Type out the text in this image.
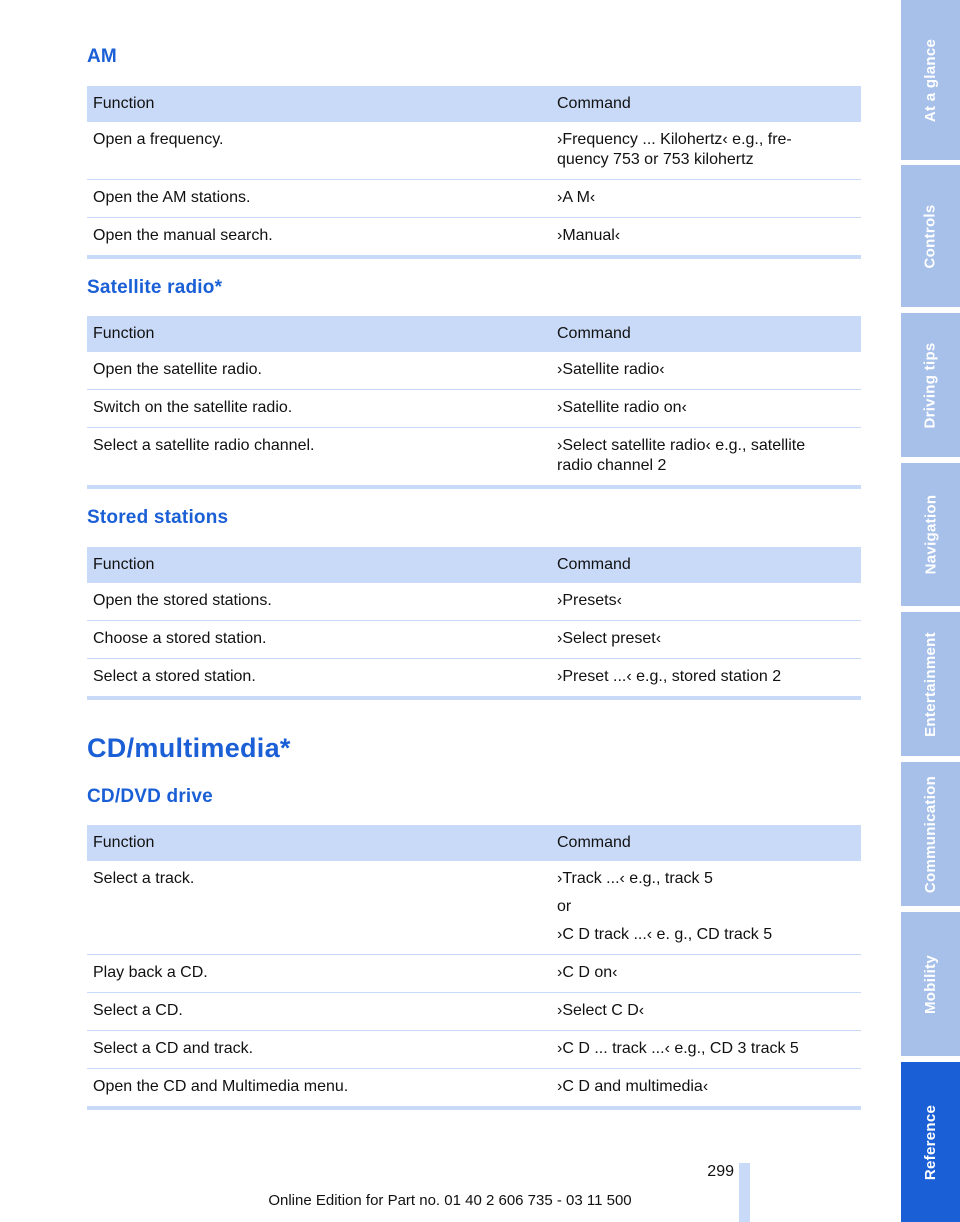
AM
Function	Command
Open a frequency.	›Frequency ... Kilohertz‹ e.g., fre-
quency 753 or 753 kilohertz

Open the AM stations.	›A M‹

Open the manual search.	›Manual‹
Satellite radio*
Function	Command
Open the satellite radio.	›Satellite radio‹

Switch on the satellite radio.	›Satellite radio on‹

Select a satellite radio channel.	›Select satellite radio‹ e.g., satellite
radio channel 2
Stored stations
Function	Command
Open the stored stations.	›Presets‹

Choose a stored station.	›Select preset‹

Select a stored station.	›Preset ...‹ e.g., stored station 2
CD/multimedia*
CD/DVD drive
Function	Command
Select a track.	›Track ...‹ e.g., track 5
or
›C D track ...‹ e. g., CD track 5

Play back a CD.	›C D on‹

Select a CD.	›Select C D‹

Select a CD and track.	›C D ... track ...‹ e.g., CD 3 track 5

Open the CD and Multimedia menu.	›C D and multimedia‹
At a glance
Controls
Driving tips
Navigation
Entertainment
Communication
Mobility
Reference
299
Online Edition for Part no. 01 40 2 606 735 - 03 11 500
